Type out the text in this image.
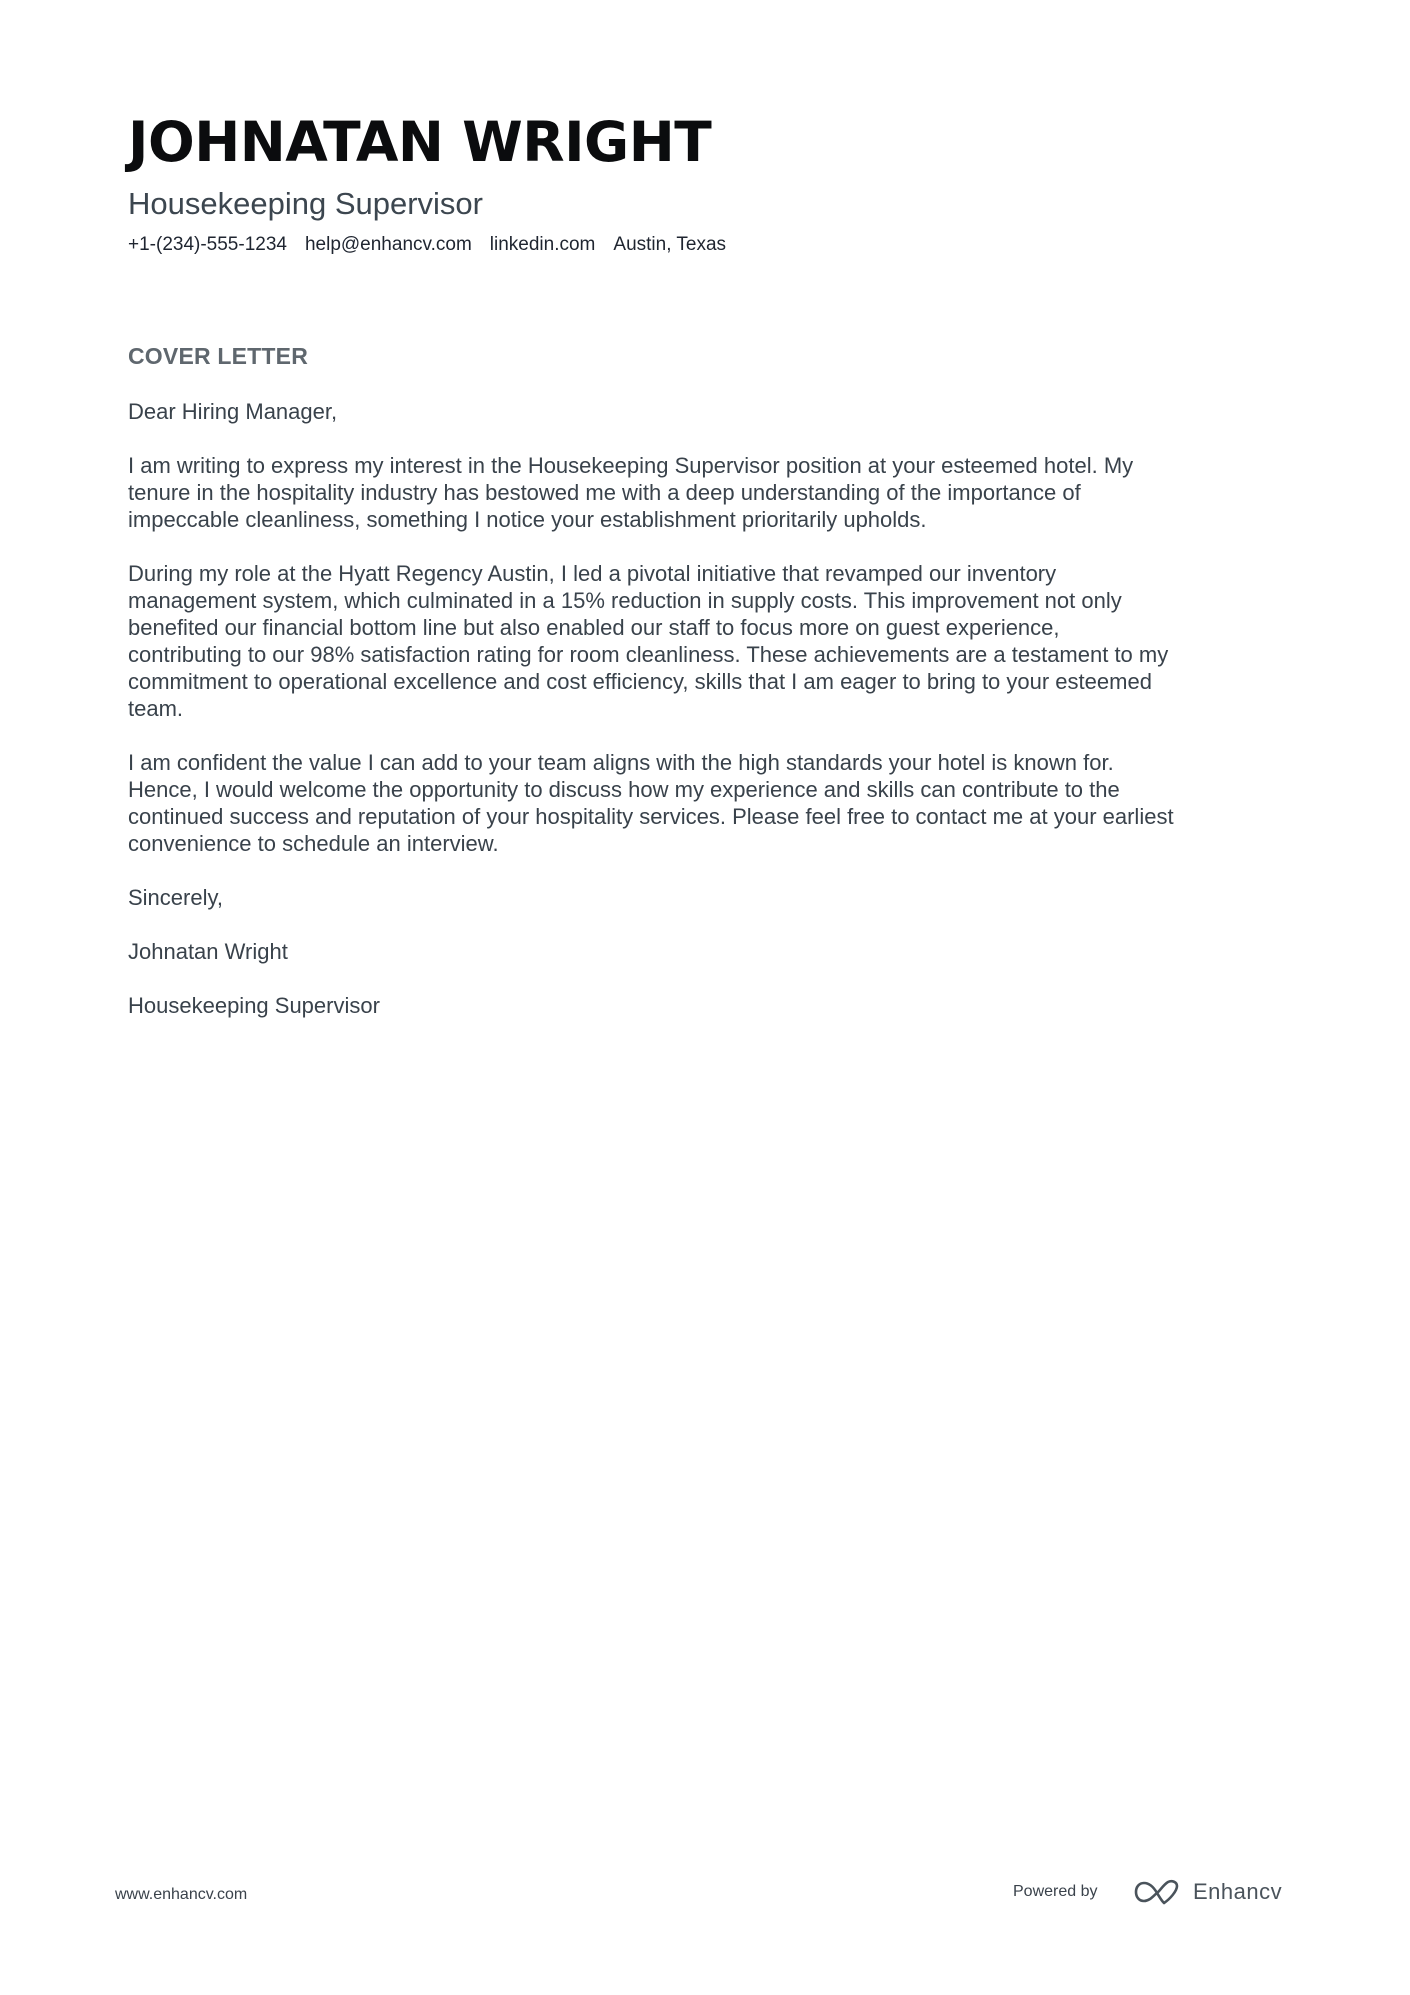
JOHNATAN WRIGHT
Housekeeping Supervisor
+1-(234)-555-1234 help@enhancv.com linkedin.com Austin, Texas
COVER LETTER

Dear Hiring Manager,

I am writing to express my interest in the Housekeeping Supervisor position at your esteemed hotel. My
tenure in the hospitality industry has bestowed me with a deep understanding of the importance of
impeccable cleanliness, something I notice your establishment prioritarily upholds.

During my role at the Hyatt Regency Austin, I led a pivotal initiative that revamped our inventory
management system, which culminated in a 15% reduction in supply costs. This improvement not only
benefited our financial bottom line but also enabled our staff to focus more on guest experience,
contributing to our 98% satisfaction rating for room cleanliness. These achievements are a testament to my
commitment to operational excellence and cost efficiency, skills that I am eager to bring to your esteemed
team.

I am confident the value I can add to your team aligns with the high standards your hotel is known for.
Hence, I would welcome the opportunity to discuss how my experience and skills can contribute to the
continued success and reputation of your hospitality services. Please feel free to contact me at your earliest
convenience to schedule an interview.

Sincerely,

Johnatan Wright

Housekeeping Supervisor

www.enhancv.com	Powered by	Enhancv
